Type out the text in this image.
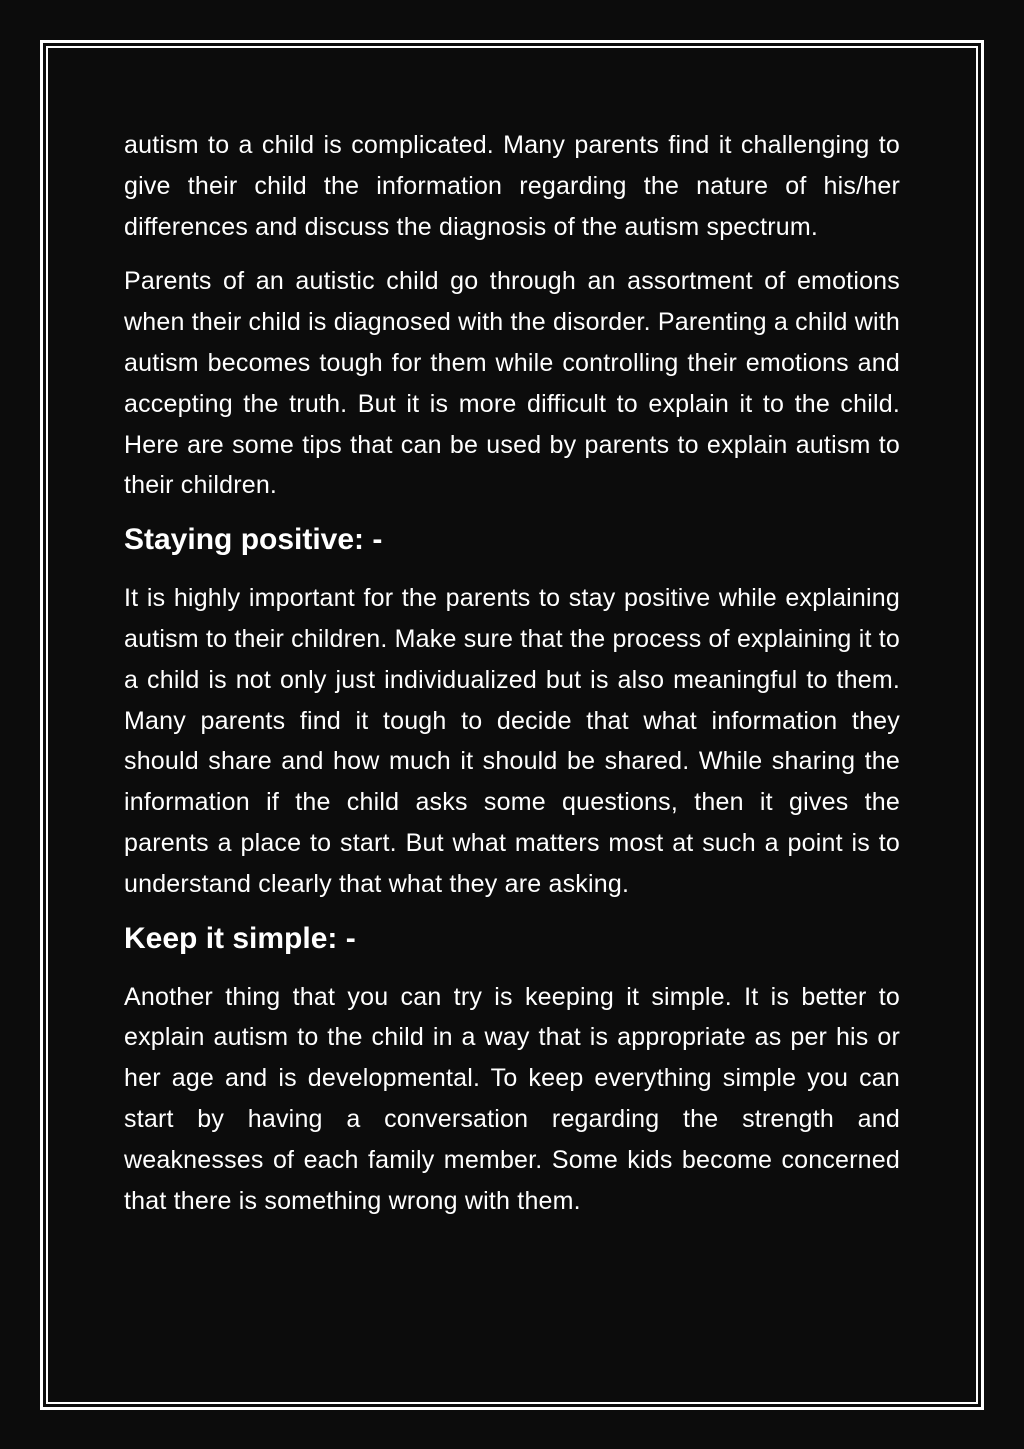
autism to a child is complicated. Many parents find it challenging to give their child the information regarding the nature of his/her differences and discuss the diagnosis of the autism spectrum.

Parents of an autistic child go through an assortment of emotions when their child is diagnosed with the disorder. Parenting a child with autism becomes tough for them while controlling their emotions and accepting the truth. But it is more difficult to explain it to the child. Here are some tips that can be used by parents to explain autism to their children.

Staying positive: -

It is highly important for the parents to stay positive while explaining autism to their children. Make sure that the process of explaining it to a child is not only just individualized but is also meaningful to them. Many parents find it tough to decide that what information they should share and how much it should be shared. While sharing the information if the child asks some questions, then it gives the parents a place to start. But what matters most at such a point is to understand clearly that what they are asking.

Keep it simple: -

Another thing that you can try is keeping it simple. It is better to explain autism to the child in a way that is appropriate as per his or her age and is developmental. To keep everything simple you can start by having a conversation regarding the strength and weaknesses of each family member. Some kids become concerned that there is something wrong with them.
